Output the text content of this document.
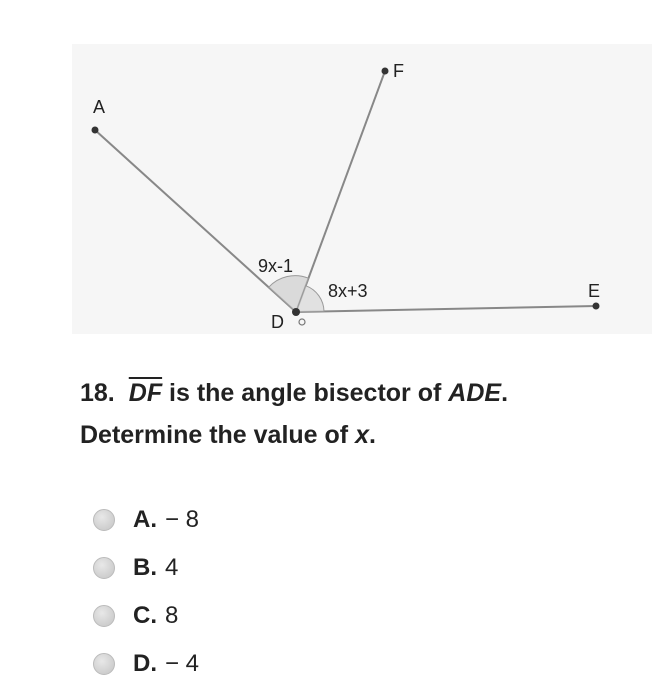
A
F
E
D
9x-1
8x+3
18. $\overline{DF}$ is the angle bisector of ADE.
Determine the value of x.
A. − 8
B. 4
C. 8
D. − 4
